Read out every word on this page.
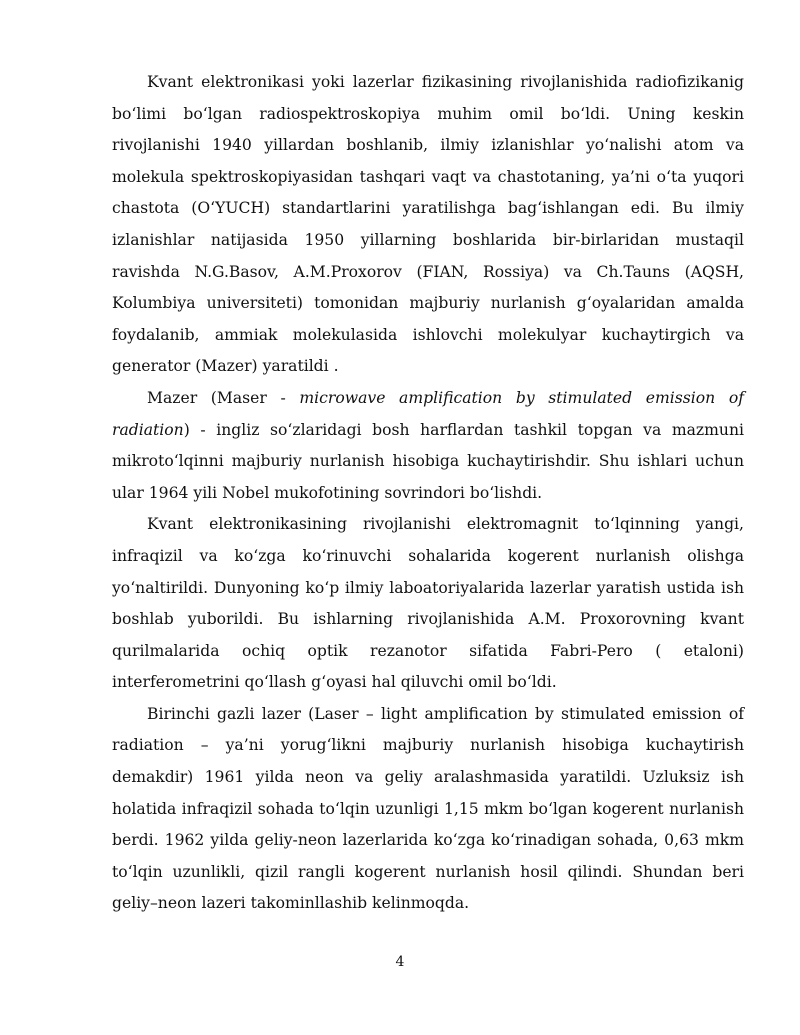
Kvant elektronikasi yoki lazerlar fizikasining rivojlanishida radiofizikanig bo‘limi bo‘lgan radiospektroskopiya muhim omil bo‘ldi. Uning keskin rivojlanishi 1940 yillardan boshlanib, ilmiy izlanishlar yo‘nalishi atom va molekula spektroskopiyasidan tashqari vaqt va chastotaning, ya’ni o‘ta yuqori chastota (O‘YUCH) standartlarini yaratilishga bag‘ishlangan edi. Bu ilmiy izlanishlar natijasida 1950 yillarning boshlarida bir-birlaridan mustaqil ravishda N.G.Basov, A.M.Proxorov (FIAN, Rossiya) va Ch.Tauns (AQSH, Kolumbiya universiteti) tomonidan majburiy nurlanish g‘oyalaridan amalda foydalanib, ammiak molekulasida ishlovchi molekulyar kuchaytirgich va generator (Mazer) yaratildi .

Mazer (Maser - microwave amplification by stimulated emission of radiation) - ingliz so‘zlaridagi bosh harflardan tashkil topgan va mazmuni mikroto‘lqinni majburiy nurlanish hisobiga kuchaytirishdir. Shu ishlari uchun ular 1964 yili Nobel mukofotining sovrindori bo‘lishdi.

Kvant elektronikasining rivojlanishi elektromagnit to‘lqinning yangi, infraqizil va ko‘zga ko‘rinuvchi sohalarida kogerent nurlanish olishga yo‘naltirildi. Dunyoning ko‘p ilmiy laboatoriyalarida lazerlar yaratish ustida ish boshlab yuborildi. Bu ishlarning rivojlanishida A.M. Proxorovning kvant qurilmalarida ochiq optik rezanotor sifatida Fabri-Pero ( etaloni) interferometrini qo‘llash g‘oyasi hal qiluvchi omil bo‘ldi.

Birinchi gazli lazer (Laser – light amplification by stimulated emission of radiation – ya’ni yorug‘likni majburiy nurlanish hisobiga kuchaytirish demakdir) 1961 yilda neon va geliy aralashmasida yaratildi. Uzluksiz ish holatida infraqizil sohada to‘lqin uzunligi 1,15 mkm bo‘lgan kogerent nurlanish berdi. 1962 yilda geliy-neon lazerlarida ko‘zga ko‘rinadigan sohada, 0,63 mkm to‘lqin uzunlikli, qizil rangli kogerent nurlanish hosil qilindi. Shundan beri geliy–neon lazeri takominllashib kelinmoqda.

4
